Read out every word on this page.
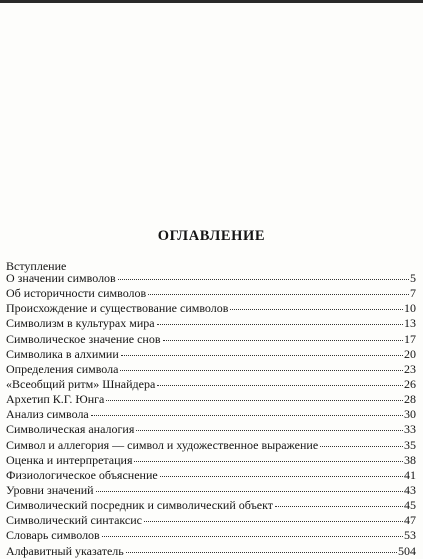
ОГЛАВЛЕНИЕ
Вступление
О значении символов	5
Об историчности символов	7
Происхождение и существование символов	10
Символизм в культурах мира	13
Символическое значение снов	17
Символика в алхимии	20
Определения символа	23
«Всеобщий ритм» Шнайдера	26
Архетип К.Г. Юнга	28
Анализ символа	30
Символическая аналогия	33
Символ и аллегория — символ и художественное выражение	35
Оценка и интерпретация	38
Физиологическое объяснение	41
Уровни значений	43
Символический посредник и символический объект	45
Символический синтаксис	47
Словарь символов	53
Алфавитный указатель	504
